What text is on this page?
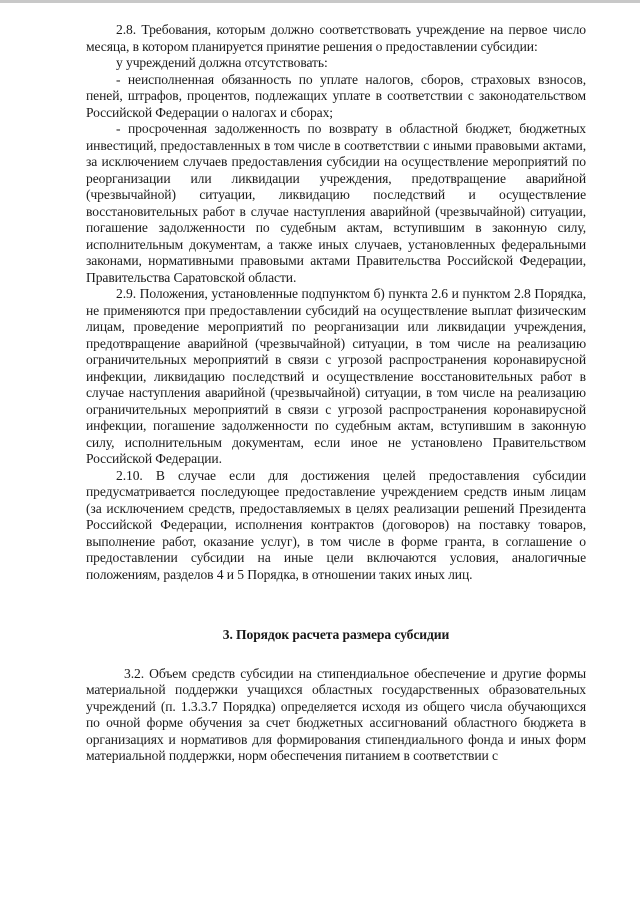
2.8. Требования, которым должно соответствовать учреждение на первое число месяца, в котором планируется принятие решения о предоставлении субсидии:

у учреждений должна отсутствовать:

- неисполненная обязанность по уплате налогов, сборов, страховых взносов, пеней, штрафов, процентов, подлежащих уплате в соответствии с законодательством Российской Федерации о налогах и сборах;

- просроченная задолженность по возврату в областной бюджет, бюджетных инвестиций, предоставленных в том числе в соответствии с иными правовыми актами, за исключением случаев предоставления субсидии на осуществление мероприятий по реорганизации или ликвидации учреждения, предотвращение аварийной (чрезвычайной) ситуации, ликвидацию последствий и осуществление восстановительных работ в случае наступления аварийной (чрезвычайной) ситуации, погашение задолженности по судебным актам, вступившим в законную силу, исполнительным документам, а также иных случаев, установленных федеральными законами, нормативными правовыми актами Правительства Российской Федерации, Правительства Саратовской области.

2.9. Положения, установленные подпунктом б) пункта 2.6 и пунктом 2.8 Порядка, не применяются при предоставлении субсидий на осуществление выплат физическим лицам, проведение мероприятий по реорганизации или ликвидации учреждения, предотвращение аварийной (чрезвычайной) ситуации, в том числе на реализацию ограничительных мероприятий в связи с угрозой распространения коронавирусной инфекции, ликвидацию последствий и осуществление восстановительных работ в случае наступления аварийной (чрезвычайной) ситуации, в том числе на реализацию ограничительных мероприятий в связи с угрозой распространения коронавирусной инфекции, погашение задолженности по судебным актам, вступившим в законную силу, исполнительным документам, если иное не установлено Правительством Российской Федерации.

2.10. В случае если для достижения целей предоставления субсидии предусматривается последующее предоставление учреждением средств иным лицам (за исключением средств, предоставляемых в целях реализации решений Президента Российской Федерации, исполнения контрактов (договоров) на поставку товаров, выполнение работ, оказание услуг), в том числе в форме гранта, в соглашение о предоставлении субсидии на иные цели включаются условия, аналогичные положениям, разделов 4 и 5 Порядка, в отношении таких иных лиц.

3. Порядок расчета размера субсидии

3.2. Объем средств субсидии на стипендиальное обеспечение и другие формы материальной поддержки учащихся областных государственных образовательных учреждений (п. 1.3.3.7 Порядка) определяется исходя из общего числа обучающихся по очной форме обучения за счет бюджетных ассигнований областного бюджета в организациях и нормативов для формирования стипендиального фонда и иных форм материальной поддержки, норм обеспечения питанием в соответствии с
